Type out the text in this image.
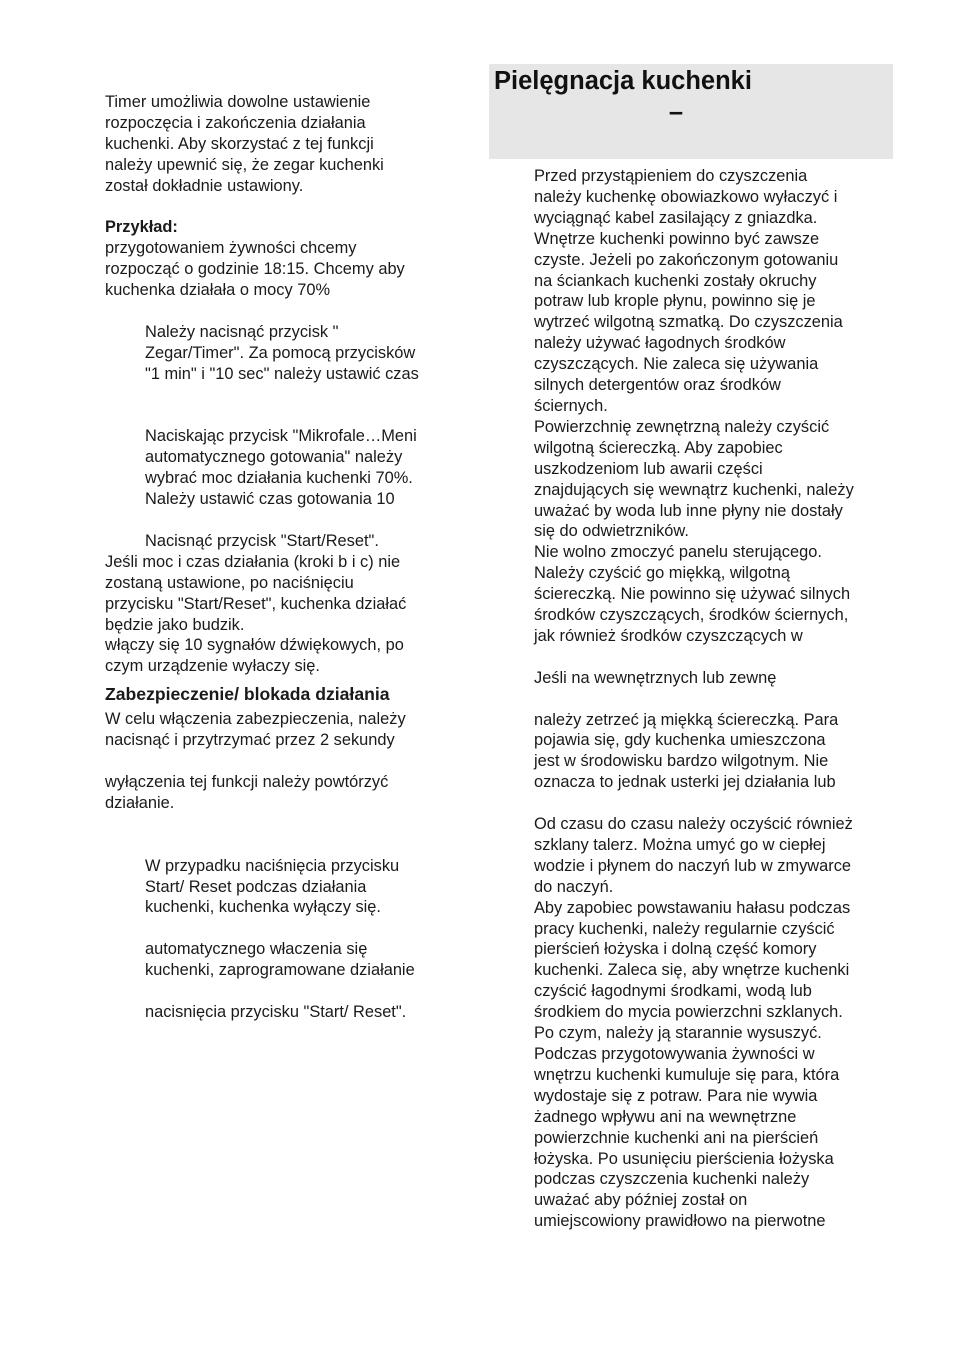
Timer umożliwia dowolne ustawienie
rozpoczęcia i zakończenia działania
kuchenki. Aby skorzystać z tej funkcji
należy upewnić się, że zegar kuchenki
został dokładnie ustawiony.

Przykład:

przygotowaniem żywności chcemy
rozpocząć o godzinie 18:15. Chcemy aby
kuchenka działała o mocy 70%

Należy nacisnąć przycisk "
Zegar/Timer". Za pomocą przycisków
"1 min" i "10 sec" należy ustawić czas

Naciskając przycisk "Mikrofale…Meni
automatycznego gotowania" należy
wybrać moc działania kuchenki 70%.
Należy ustawić czas gotowania 10

Nacisnąć przycisk "Start/Reset".

Jeśli moc i czas działania (kroki b i c) nie
zostaną ustawione, po naciśnięciu
przycisku "Start/Reset", kuchenka działać
będzie jako budzik.
włączy się 10 sygnałów dźwiękowych, po
czym urządzenie wyłaczy się.

Zabezpieczenie/ blokada działania

W celu włączenia zabezpieczenia, należy
nacisnąć i przytrzymać przez 2 sekundy

wyłączenia tej funkcji należy powtórzyć
działanie.

W przypadku naciśnięcia przycisku
Start/ Reset podczas działania
kuchenki, kuchenka wyłączy się.

automatycznego właczenia się
kuchenki, zaprogramowane działanie

nacisnięcia przycisku "Start/ Reset".

Pielęgnacja kuchenki
–

Przed przystąpieniem do czyszczenia
należy kuchenkę obowiazkowo wyłaczyć i
wyciągnąć kabel zasilający z gniazdka.
Wnętrze kuchenki powinno być zawsze
czyste. Jeżeli po zakończonym gotowaniu
na ściankach kuchenki zostały okruchy
potraw lub krople płynu, powinno się je
wytrzeć wilgotną szmatką. Do czyszczenia
należy używać łagodnych środków
czyszczących. Nie zaleca się używania
silnych detergentów oraz środków
ściernych.
Powierzchnię zewnętrzną należy czyścić
wilgotną ściereczką. Aby zapobiec
uszkodzeniom lub awarii części
znajdujących się wewnątrz kuchenki, należy
uważać by woda lub inne płyny nie dostały
się do odwietrzników.
Nie wolno zmoczyć panelu sterującego.
Należy czyścić go miękką, wilgotną
ściereczką. Nie powinno się używać silnych
środków czyszczących, środków ściernych,
jak również środków czyszczących w

Jeśli na wewnętrznych lub zewnę

należy zetrzeć ją miękką ściereczką. Para
pojawia się, gdy kuchenka umieszczona
jest w środowisku bardzo wilgotnym. Nie
oznacza to jednak usterki jej działania lub

Od czasu do czasu należy oczyścić również
szklany talerz. Można umyć go w ciepłej
wodzie i płynem do naczyń lub w zmywarce
do naczyń.
Aby zapobiec powstawaniu hałasu podczas
pracy kuchenki, należy regularnie czyścić
pierścień łożyska i dolną część komory
kuchenki. Zaleca się, aby wnętrze kuchenki
czyścić łagodnymi środkami, wodą lub
środkiem do mycia powierzchni szklanych.
Po czym, należy ją starannie wysuszyć.
Podczas przygotowywania żywności w
wnętrzu kuchenki kumuluje się para, która
wydostaje się z potraw. Para nie wywia
żadnego wpływu ani na wewnętrzne
powierzchnie kuchenki ani na pierścień
łożyska. Po usunięciu pierścienia łożyska
podczas czyszczenia kuchenki należy
uważać aby później został on
umiejscowiony prawidłowo na pierwotne
